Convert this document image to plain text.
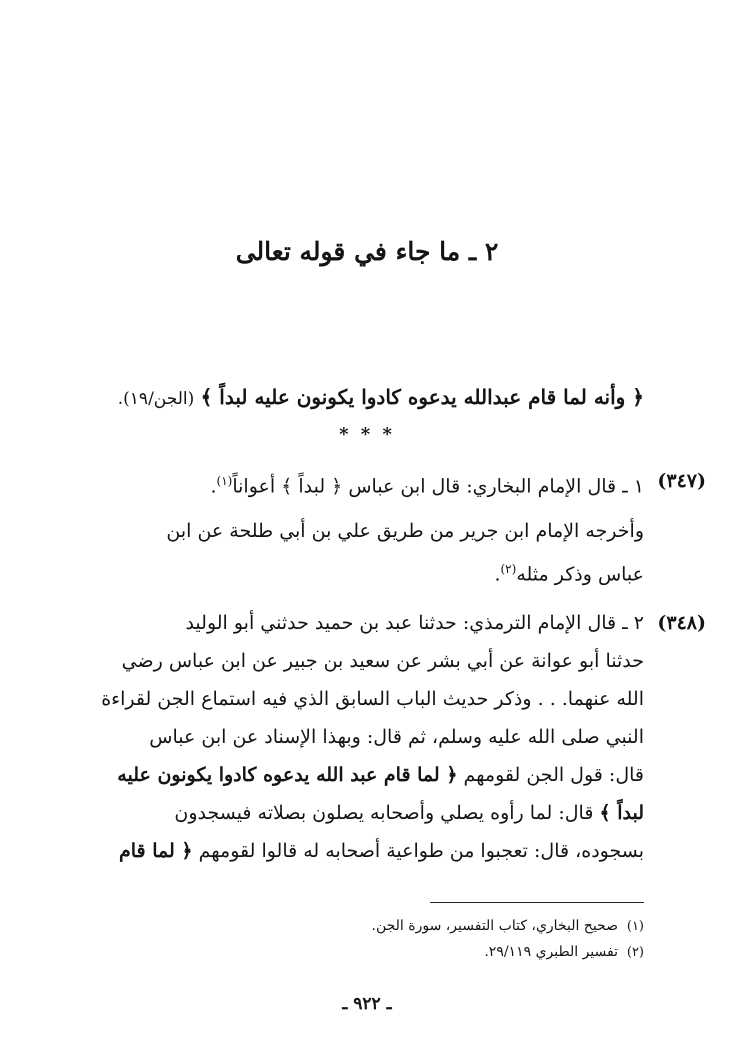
٢ ـ ما جاء في قوله تعالى
﴿ وأنه لما قام عبدالله يدعوه كادوا يكونون عليه لبداً ﴾ (الجن/١٩).
* * *
(٣٤٧)
١ ـ قال الإمام البخاري: قال ابن عباس ﴿ لبداً ﴾ أعواناً$^{(١)}$.
وأخرجه الإمام ابن جرير من طريق علي بن أبي طلحة عن ابن
عباس وذكر مثله$^{(٢)}$.
(٣٤٨)
٢ ـ قال الإمام الترمذي: حدثنا عبد بن حميد حدثني أبو الوليد
حدثنا أبو عوانة عن أبي بشر عن سعيد بن جبير عن ابن عباس رضي
الله عنهما. . . وذكر حديث الباب السابق الذي فيه استماع الجن لقراءة
النبي صلى الله عليه وسلم، ثم قال: وبهذا الإسناد عن ابن عباس
قال: قول الجن لقومهم ﴿ لما قام عبد الله يدعوه كادوا يكونون عليه
لبداً ﴾ قال: لما رأوه يصلي وأصحابه يصلون بصلاته فيسجدون
بسجوده، قال: تعجبوا من طواعية أصحابه له قالوا لقومهم ﴿ لما قام
(١)صحيح البخاري، كتاب التفسير، سورة الجن.
(٢)تفسير الطبري ٢٩/١١٩.
ـ ٩٢٢ ـ
